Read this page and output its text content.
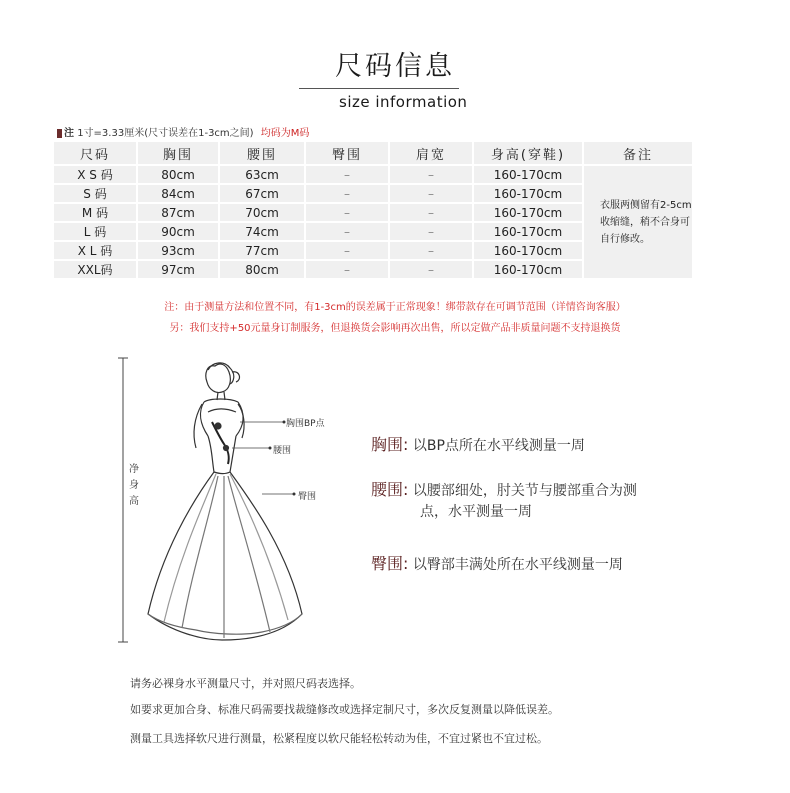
尺码信息
size information
注 1寸=3.33厘米(尺寸误差在1-3cm之间) 均码为M码
尺码	胸围	腰围	臀围	肩宽	身高(穿鞋)	备注
X S 码	80cm	63cm	–	–	160-170cm	衣服两侧留有2-5cm
收缩缝，稍不合身可
自行修改。

S 码	84cm	67cm	–	–	160-170cm	
M 码	87cm	70cm	–	–	160-170cm	
L 码	90cm	74cm	–	–	160-170cm	
X L 码	93cm	77cm	–	–	160-170cm	
XXL码	97cm	80cm	–	–	160-170cm	
注：由于测量方法和位置不同，有1-3cm的误差属于正常现象！绑带款存在可调节范围（详情咨询客服）
另：我们支持+50元量身订制服务，但退换货会影响再次出售，所以定做产品非质量问题不支持退换货
净身高
胸围BP点
腰围
臀围
胸围: 以BP点所在水平线测量一周
腰围: 以腰部细处，肘关节与腰部重合为测
点，水平测量一周
臀围: 以臀部丰满处所在水平线测量一周
请务必裸身水平测量尺寸，并对照尺码表选择。
如要求更加合身、标准尺码需要找裁缝修改或选择定制尺寸，多次反复测量以降低误差。
测量工具选择软尺进行测量，松紧程度以软尺能轻松转动为佳，不宜过紧也不宜过松。
